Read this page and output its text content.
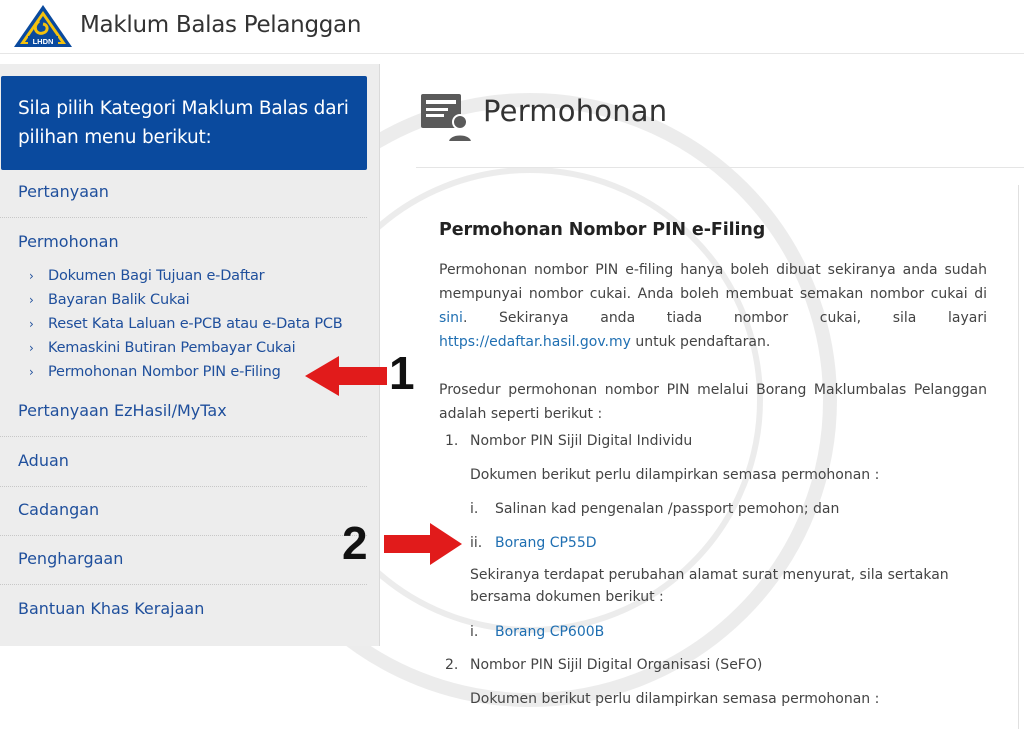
LHDN
Maklum Balas Pelanggan
Sila pilih Kategori Maklum Balas dari pilihan menu berikut:
Pertanyaan
Permohonan
› Dokumen Bagi Tujuan e-Daftar
› Bayaran Balik Cukai
› Reset Kata Laluan e-PCB atau e-Data PCB
› Kemaskini Butiran Pembayar Cukai
› Permohonan Nombor PIN e-Filing
Pertanyaan EzHasil/MyTax
Aduan
Cadangan
Penghargaan
Bantuan Khas Kerajaan
Permohonan
Permohonan Nombor PIN e-Filing

Permohonan nombor PIN e-filing hanya boleh dibuat sekiranya anda sudah mempunyai nombor cukai. Anda boleh membuat semakan nombor cukai di sini. Sekiranya anda tiada nombor cukai, sila layari https://edaftar.hasil.gov.my untuk pendaftaran.

Prosedur permohonan nombor PIN melalui Borang Maklumbalas Pelanggan adalah seperti berikut :

1. Nombor PIN Sijil Digital Individu
Dokumen berikut perlu dilampirkan semasa permohonan :
i. Salinan kad pengenalan /passport pemohon; dan
ii. Borang CP55D

Sekiranya terdapat perubahan alamat surat menyurat, sila sertakan bersama dokumen berikut :

i. Borang CP600B
2. Nombor PIN Sijil Digital Organisasi (SeFO)
Dokumen berikut perlu dilampirkan semasa permohonan :
1
2
